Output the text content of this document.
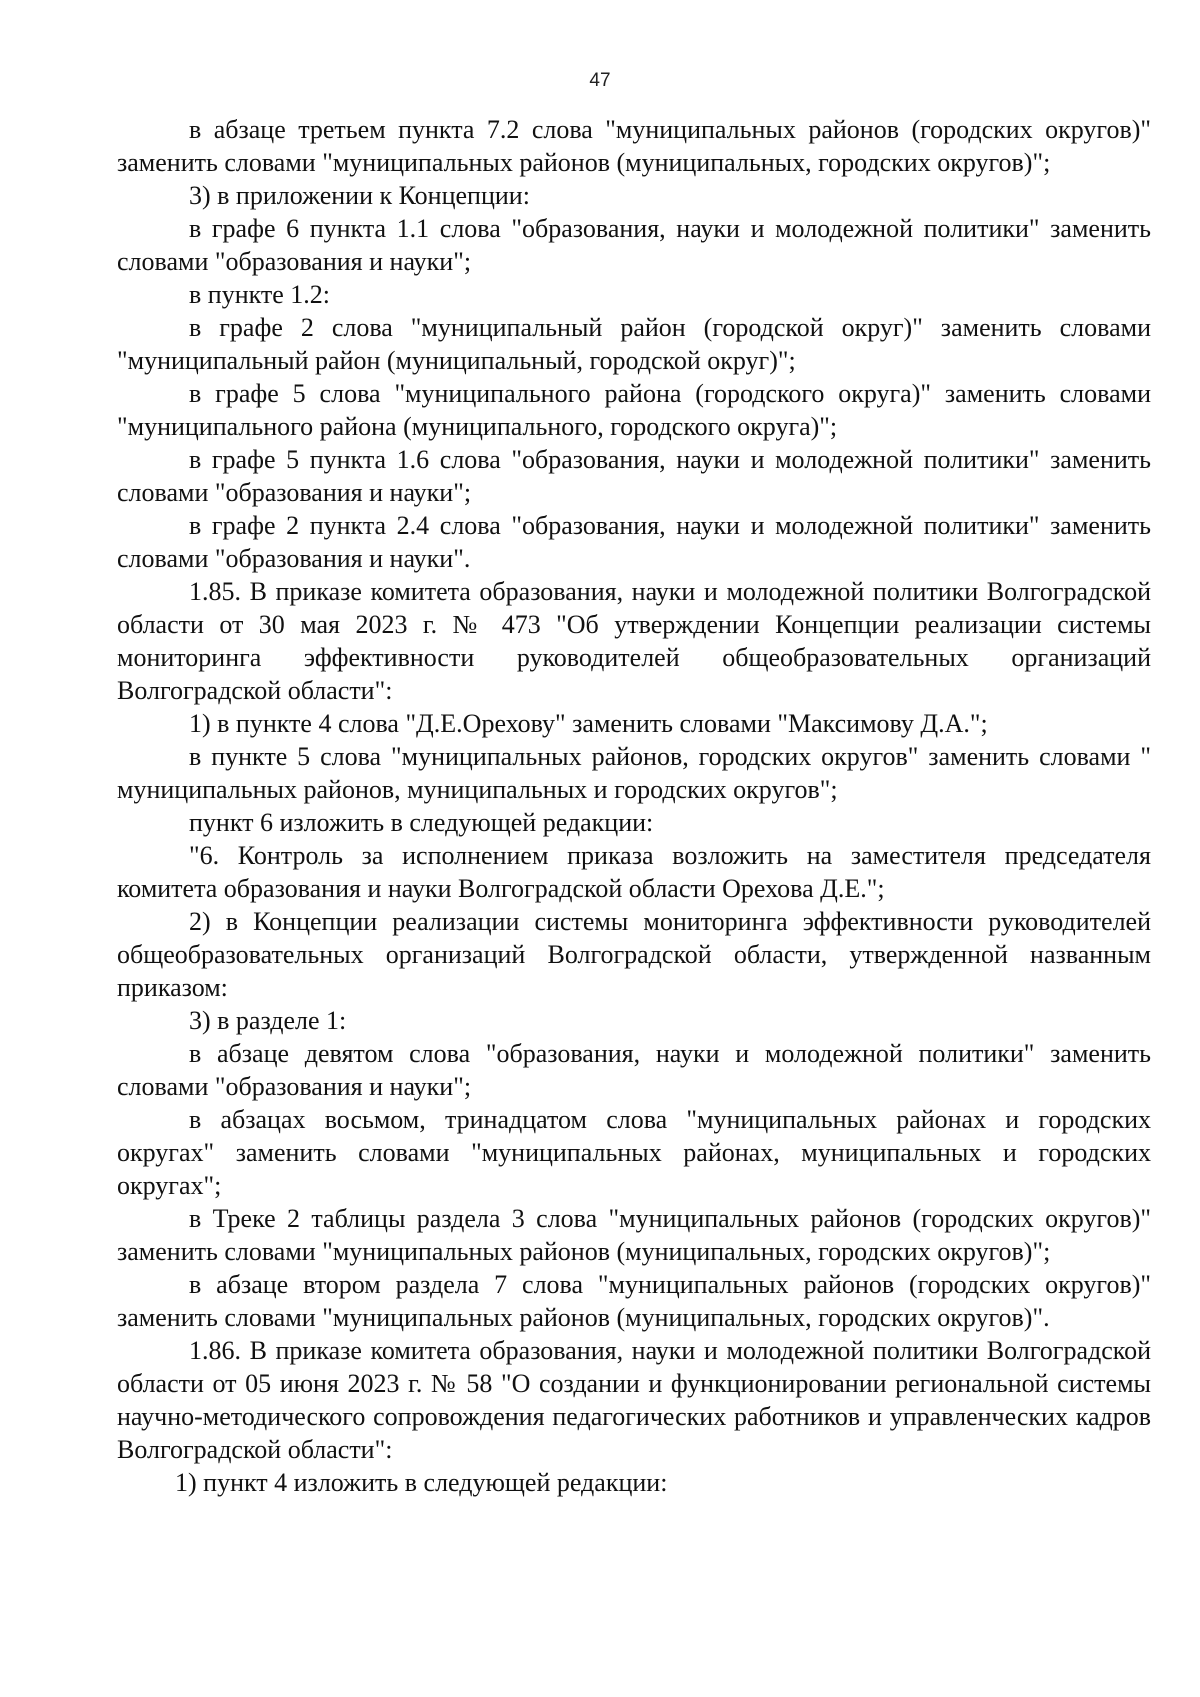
47

в абзаце третьем пункта 7.2 слова "муниципальных районов (городских округов)" заменить словами "муниципальных районов (муниципальных, городских округов)";

3) в приложении к Концепции:

в графе 6 пункта 1.1 слова "образования, науки и молодежной политики" заменить словами "образования и науки";

в пункте 1.2:

в графе 2 слова "муниципальный район (городской округ)" заменить словами "муниципальный район (муниципальный, городской округ)";

в графе 5 слова "муниципального района (городского округа)" заменить словами "муниципального района (муниципального, городского округа)";

в графе 5 пункта 1.6 слова "образования, науки и молодежной политики" заменить словами "образования и науки";

в графе 2 пункта 2.4 слова "образования, науки и молодежной политики" заменить словами "образования и науки".

1.85. В приказе комитета образования, науки и молодежной политики Волгоградской области от 30 мая 2023 г. № 473 "Об утверждении Концепции реализации системы мониторинга эффективности руководителей общеобразовательных организаций Волгоградской области":

1) в пункте 4 слова "Д.Е.Орехову" заменить словами "Максимову Д.А.";

в пункте 5 слова "муниципальных районов, городских округов" заменить словами " муниципальных районов, муниципальных и городских округов";

пункт 6 изложить в следующей редакции:

"6. Контроль за исполнением приказа возложить на заместителя председателя комитета образования и науки Волгоградской области Орехова Д.Е.";

2) в Концепции реализации системы мониторинга эффективности руководителей общеобразовательных организаций Волгоградской области, утвержденной названным приказом:

3) в разделе 1:

в абзаце девятом слова "образования, науки и молодежной политики" заменить словами "образования и науки";

в абзацах восьмом, тринадцатом слова "муниципальных районах и городских округах" заменить словами "муниципальных районах, муниципальных и городских округах";

в Треке 2 таблицы раздела 3 слова "муниципальных районов (городских округов)" заменить словами "муниципальных районов (муниципальных, городских округов)";

в абзаце втором раздела 7 слова "муниципальных районов (городских округов)" заменить словами "муниципальных районов (муниципальных, городских округов)".

1.86. В приказе комитета образования, науки и молодежной политики Волгоградской области от 05 июня 2023 г. № 58 "О создании и функционировании региональной системы научно-методического сопровождения педагогических работников и управленческих кадров Волгоградской области":

1) пункт 4 изложить в следующей редакции:
